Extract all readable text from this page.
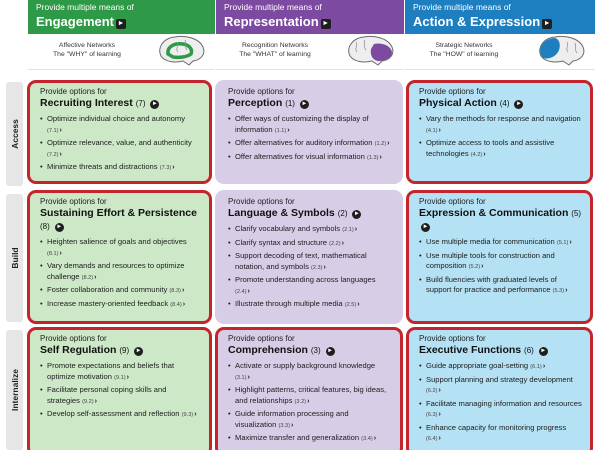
Provide multiple means of
Engagement ►
Affective Networks
The "WHY" of learning
Provide multiple means of
Representation ►
Recognition Networks
The "WHAT" of learning
Provide multiple means of
Action & Expression ►
Strategic Networks
The "HOW" of learning
Access
Build
Internalize
Provide options for
Recruiting Interest (7) ►
• Optimize individual choice and autonomy (7.1)›
• Optimize relevance, value, and authenticity (7.2)›
• Minimize threats and distractions (7.3)›
Provide options for
Perception (1) ►
• Offer ways of customizing the display of information (1.1)›
• Offer alternatives for auditory information (1.2)›
• Offer alternatives for visual information (1.3)›
Provide options for
Physical Action (4) ►
• Vary the methods for response and navigation (4.1)›
• Optimize access to tools and assistive technologies (4.2)›
Provide options for
Sustaining Effort & Persistence (8) ►
• Heighten salience of goals and objectives (8.1)›
• Vary demands and resources to optimize challenge (8.2)›
• Foster collaboration and community (8.3)›
• Increase mastery-oriented feedback (8.4)›
Provide options for
Language & Symbols (2) ►
• Clarify vocabulary and symbols (2.1)›
• Clarify syntax and structure (2.2)›
• Support decoding of text, mathematical notation, and symbols (2.3)›
• Promote understanding across languages (2.4)›
• Illustrate through multiple media (2.5)›
Provide options for
Expression & Communication (5) ►
• Use multiple media for communication (5.1)›
• Use multiple tools for construction and composition (5.2)›
• Build fluencies with graduated levels of support for practice and performance (5.3)›
Provide options for
Self Regulation (9) ►
• Promote expectations and beliefs that optimize motivation (9.1)›
• Facilitate personal coping skills and strategies (9.2)›
• Develop self-assessment and reflection (9.3)›
Provide options for
Comprehension (3) ►
• Activate or supply background knowledge (3.1)›
• Highlight patterns, critical features, big ideas, and relationships (3.2)›
• Guide information processing and visualization (3.3)›
• Maximize transfer and generalization (3.4)›
Provide options for
Executive Functions (6) ►
• Guide appropriate goal-setting (6.1)›
• Support planning and strategy development (6.2)›
• Facilitate managing information and resources (6.3)›
• Enhance capacity for monitoring progress (6.4)›
